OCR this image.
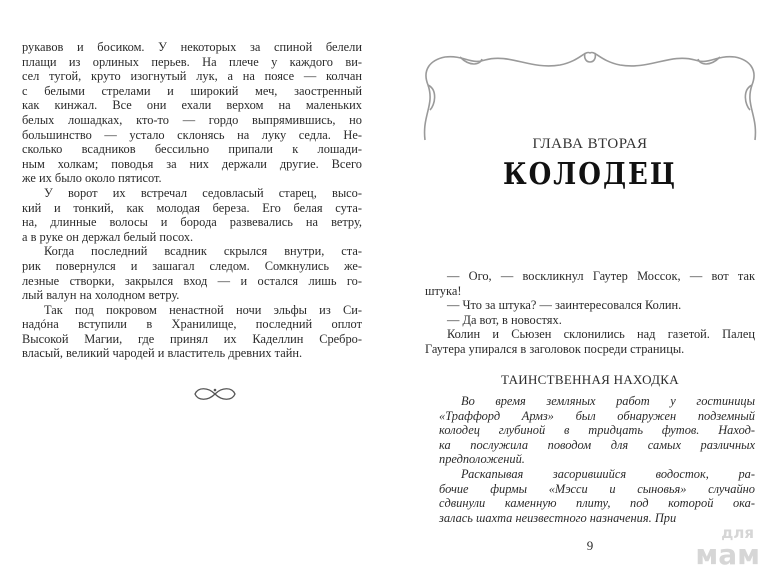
рукавов и босиком. У некоторых за спиной белели
плащи из орлиных перьев. На плече у каждого ви-
сел тугой, круто изогнутый лук, а на поясе — колчан
с белыми стрелами и широкий меч, заостренный
как кинжал. Все они ехали верхом на маленьких
белых лошадках, кто-то — гордо выпрямившись, но
большинство — устало склонясь на луку седла. Не-
сколько всадников бессильно припали к лошади-
ным холкам; поводья за них держали другие. Всего
же их было около пятисот.
У ворот их встречал седовласый старец, высо-
кий и тонкий, как молодая береза. Его белая сута-
на, длинные волосы и борода развевались на ветру,
а в руке он держал белый посох.
Когда последний всадник скрылся внутри, ста-
рик повернулся и зашагал следом. Сомкнулись же-
лезные створки, закрылся вход — и остался лишь го-
лый валун на холодном ветру.
Так под покровом ненастной ночи эльфы из Си-
надóна вступили в Хранилище, последний оплот
Высокой Магии, где принял их Каделлин Сребро-
власый, великий чародей и властитель древних тайн.
ГЛАВА ВТОРАЯ
КОЛОДЕЦ
— Ого, — воскликнул Гаутер Моссок, — вот так
штука!
— Что за штука? — заинтересовался Колин.
— Да вот, в новостях.
Колин и Сьюзен склонились над газетой. Палец
Гаутера упирался в заголовок посреди страницы.
ТАИНСТВЕННАЯ НАХОДКА
Во время земляных работ у гостиницы
«Траффорд Армз» был обнаружен подземный
колодец глубиной в тридцать футов. Наход-
ка послужила поводом для самых различных
предположений.
Раскапывая засорившийся водосток, ра-
бочие фирмы «Мэсси и сыновья» случайно
сдвинули каменную плиту, под которой ока-
залась шахта неизвестного назначения. При
9
для
мам
